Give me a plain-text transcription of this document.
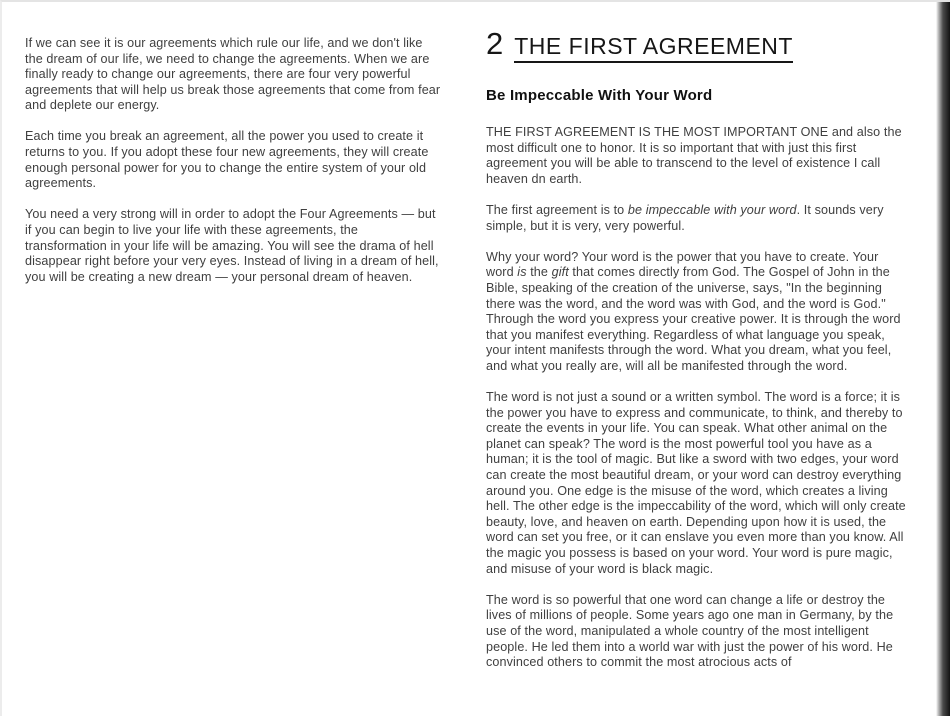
If we can see it is our agreements which rule our life, and we don't like the dream of our life, we need to change the agreements. When we are finally ready to change our agreements, there are four very powerful agreements that will help us break those agreements that come from fear and deplete our energy.

Each time you break an agreement, all the power you used to create it returns to you. If you adopt these four new agreements, they will create enough personal power for you to change the entire system of your old agreements.

You need a very strong will in order to adopt the Four Agreements — but if you can begin to live your life with these agreements, the transformation in your life will be amazing. You will see the drama of hell disappear right before your very eyes. Instead of living in a dream of hell, you will be creating a new dream — your personal dream of heaven.

2 THE FIRST AGREEMENT
Be Impeccable With Your Word

THE FIRST AGREEMENT IS THE MOST IMPORTANT ONE and also the most difficult one to honor. It is so important that with just this first agreement you will be able to transcend to the level of existence I call heaven dn earth.

The first agreement is to be impeccable with your word. It sounds very simple, but it is very, very powerful.

Why your word? Your word is the power that you have to create. Your word is the gift that comes directly from God. The Gospel of John in the Bible, speaking of the creation of the universe, says, "In the beginning there was the word, and the word was with God, and the word is God." Through the word you express your creative power. It is through the word that you manifest everything. Regardless of what language you speak, your intent manifests through the word. What you dream, what you feel, and what you really are, will all be manifested through the word.

The word is not just a sound or a written symbol. The word is a force; it is the power you have to express and communicate, to think, and thereby to create the events in your life. You can speak. What other animal on the planet can speak? The word is the most powerful tool you have as a human; it is the tool of magic. But like a sword with two edges, your word can create the most beautiful dream, or your word can destroy everything around you. One edge is the misuse of the word, which creates a living hell. The other edge is the impeccability of the word, which will only create beauty, love, and heaven on earth. Depending upon how it is used, the word can set you free, or it can enslave you even more than you know. All the magic you possess is based on your word. Your word is pure magic, and misuse of your word is black magic.

The word is so powerful that one word can change a life or destroy the lives of millions of people. Some years ago one man in Germany, by the use of the word, manipulated a whole country of the most intelligent people. He led them into a world war with just the power of his word. He convinced others to commit the most atrocious acts of
